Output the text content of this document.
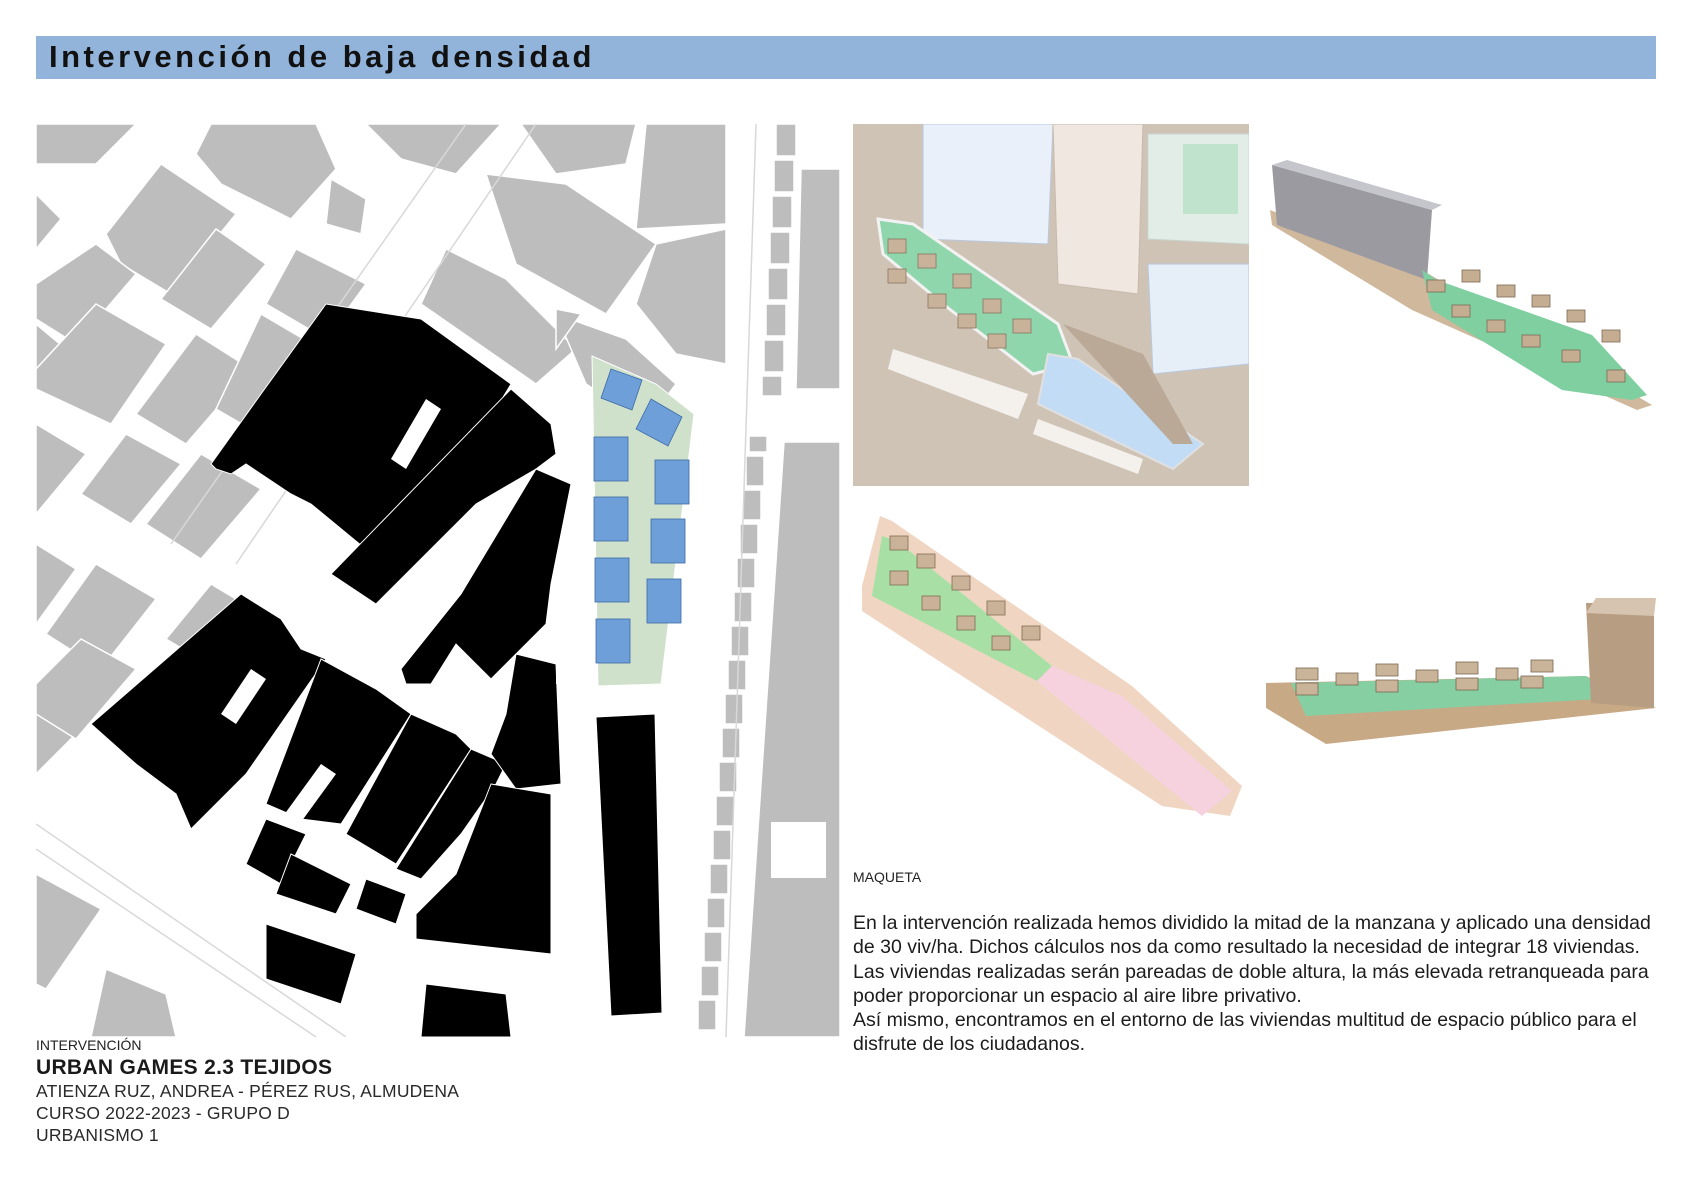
Intervención de baja densidad
MAQUETA

En la intervención realizada hemos dividido la mitad de la manzana y aplicado una densidad de 30 viv/ha. Dichos cálculos nos da como resultado la necesidad de integrar 18 viviendas.

Las viviendas realizadas serán pareadas de doble altura, la más elevada retranqueada para poder proporcionar un espacio al aire libre privativo.

Así mismo, encontramos en el entorno de las viviendas multitud de espacio público para el disfrute de los ciudadanos.

INTERVENCIÓN
URBAN GAMES 2.3 TEJIDOS
ATIENZA RUZ, ANDREA - PÉREZ RUS, ALMUDENA
CURSO 2022-2023 - GRUPO D
URBANISMO 1
